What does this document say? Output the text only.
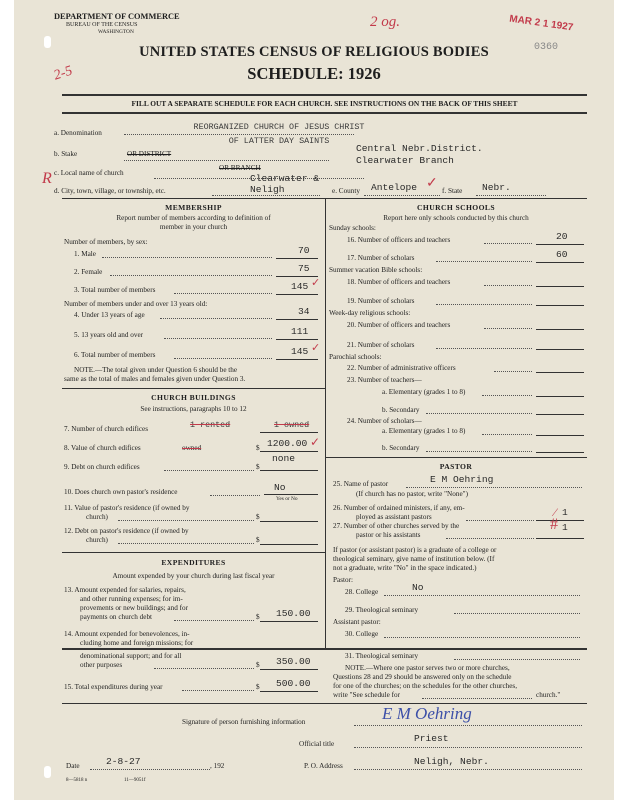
DEPARTMENT OF COMMERCE
BUREAU OF THE CENSUS
WASHINGTON
2 og.	MAR 2 1 1927
0360
2-5
UNITED STATES CENSUS OF RELIGIOUS BODIES
SCHEDULE: 1926
FILL OUT A SEPARATE SCHEDULE FOR EACH CHURCH. SEE INSTRUCTIONS ON THE BACK OF THIS SHEET
a. Denomination
REORGANIZED CHURCH OF JESUS CHRIST
OF LATTER DAY SAINTS
b. Stake	OR DISTRICT	Central Nebr.District.
c. Local name of church
OR BRANCH
Clearwater Branch
R
d. City, town, village, or township, etc.
Clearwater &
Neligh	e. County Antelope ✓ f. State Nebr.
MEMBERSHIP
Report number of members according to definition of
member in your church
Number of members, by sex:
1. Male	70
2. Female	75
3. Total number of members	145 ✓
Number of members under and over 13 years old:
4. Under 13 years of age	34
5. 13 years old and over	111
6. Total number of members	145 ✓
NOTE.—The total given under Question 6 should be the
same as the total of males and females given under Question 3.
CHURCH BUILDINGS
See instructions, paragraphs 10 to 12
7. Number of church edifices	1 rented	1 owned
8. Value of church edifices	owned	$ 1200.00 ✓
9. Debt on church edifices	$
none
10. Does church own pastor's residence	No
Yes or No
11. Value of pastor's residence (if owned by
church)	$
12. Debt on pastor's residence (if owned by
church)	$
EXPENDITURES
Amount expended by your church during last fiscal year
13. Amount expended for salaries, repairs,
and other running expenses; for im-
provements or new buildings; and for
payments on church debt	$ 150.00
14. Amount expended for benevolences, in-
cluding home and foreign missions; for
denominational support; and for all
other purposes	$ 350.00
15. Total expenditures during year	$ 500.00
CHURCH SCHOOLS
Report here only schools conducted by this church
Sunday schools:
16. Number of officers and teachers	20
17. Number of scholars	60
Summer vacation Bible schools:
18. Number of officers and teachers
19. Number of scholars
Week-day religious schools:
20. Number of officers and teachers
21. Number of scholars
Parochial schools:
22. Number of administrative officers
23. Number of teachers—
a. Elementary (grades 1 to 8)
b. Secondary
24. Number of scholars—
a. Elementary (grades 1 to 8)
b. Secondary
PASTOR
25. Name of pastor	E M Oehring
(If church has no pastor, write "None")
26. Number of ordained ministers, if any, em-
ployed as assistant pastors	1
⁄
27. Number of other churches served by the
pastor or his assistants
1
#
If pastor (or assistant pastor) is a graduate of a college or
theological seminary, give name of institution below. (If
not a graduate, write "No" in the space indicated.)
Pastor:
28. College	No
29. Theological seminary
Assistant pastor:
30. College
31. Theological seminary
NOTE.—Where one pastor serves two or more churches,
Questions 28 and 29 should be answered only on the schedule
for one of the churches; on the schedules for the other churches,
write "See schedule for	church."
Signature of person furnishing information	E M Oehring
Official title	Priest
Date	2-8-27	, 192	P. O. Address	Neligh, Nebr.
8—5818 n	11—9051f
